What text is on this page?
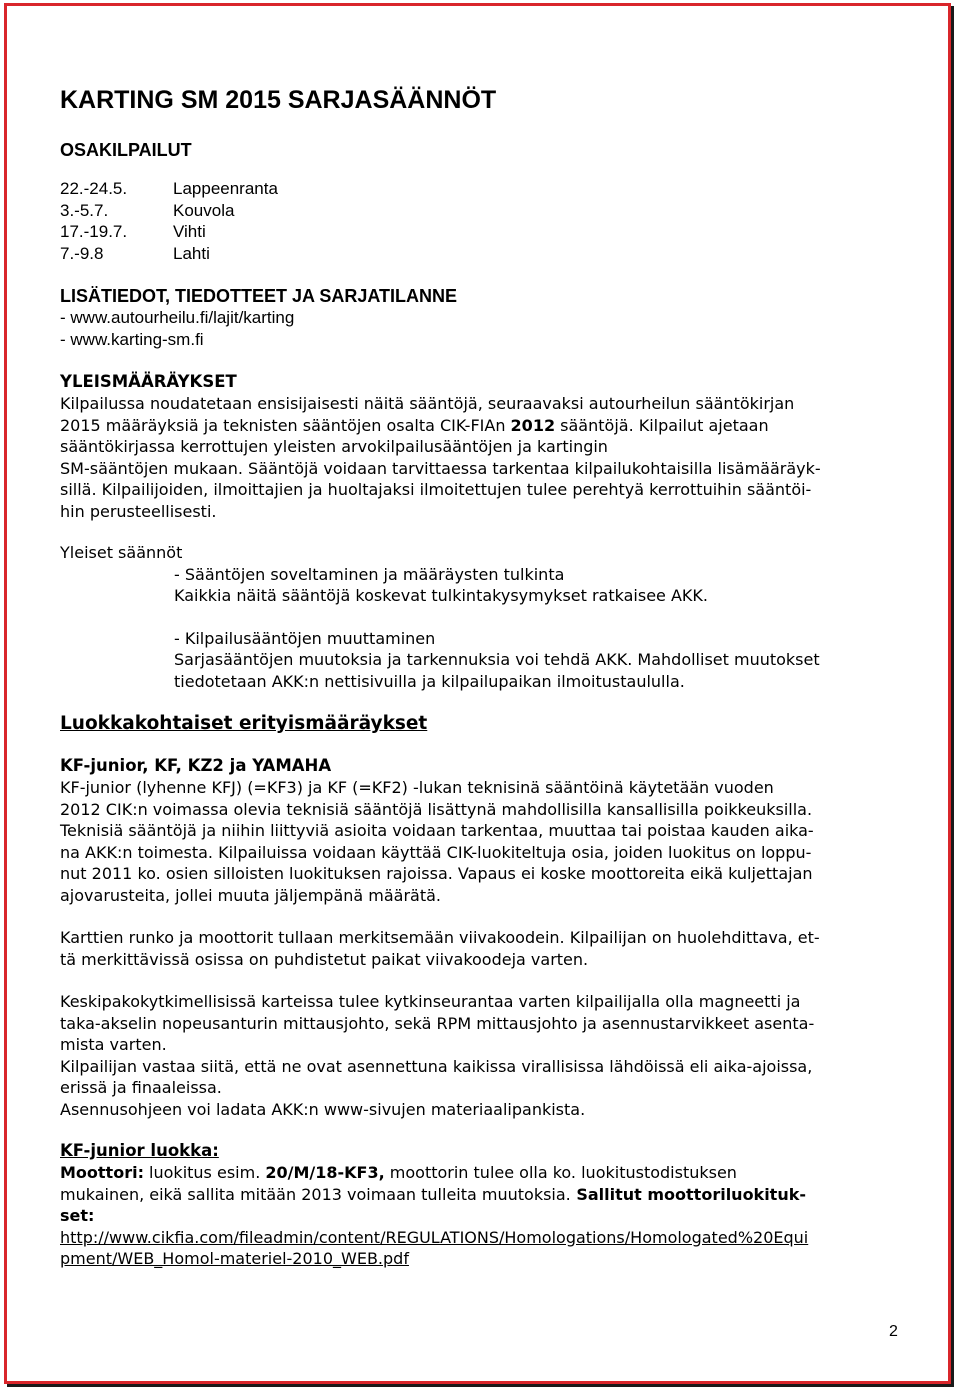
KARTING SM 2015 SARJASÄÄNNÖT
OSAKILPAILUT
22.-24.5.	Lappeenranta
3.-5.7.	Kouvola
17.-19.7.	Vihti
7.-9.8	Lahti
LISÄTIEDOT, TIEDOTTEET JA SARJATILANNE
- www.autourheilu.fi/lajit/karting
- www.karting-sm.fi
YLEISMÄÄRÄYKSET
Kilpailussa noudatetaan ensisijaisesti näitä sääntöjä, seuraavaksi autourheilun sääntökirjan
2015 määräyksiä ja teknisten sääntöjen osalta CIK-FIAn 2012 sääntöjä. Kilpailut ajetaan
sääntökirjassa kerrottujen yleisten arvokilpailusääntöjen ja kartingin
SM-sääntöjen mukaan. Sääntöjä voidaan tarvittaessa tarkentaa kilpailukohtaisilla lisämääräyk-
sillä. Kilpailijoiden, ilmoittajien ja huoltajaksi ilmoitettujen tulee perehtyä kerrottuihin sääntöi-
hin perusteellisesti.
Yleiset säännöt
- Sääntöjen soveltaminen ja määräysten tulkinta
Kaikkia näitä sääntöjä koskevat tulkintakysymykset ratkaisee AKK.
- Kilpailusääntöjen muuttaminen
Sarjasääntöjen muutoksia ja tarkennuksia voi tehdä AKK. Mahdolliset muutokset
tiedotetaan AKK:n nettisivuilla ja kilpailupaikan ilmoitustaululla.
Luokkakohtaiset erityismääräykset
KF-junior, KF, KZ2 ja YAMAHA
KF-junior (lyhenne KFJ) (=KF3) ja KF (=KF2) -lukan teknisinä sääntöinä käytetään vuoden
2012 CIK:n voimassa olevia teknisiä sääntöjä lisättynä mahdollisilla kansallisilla poikkeuksilla.
Teknisiä sääntöjä ja niihin liittyviä asioita voidaan tarkentaa, muuttaa tai poistaa kauden aika-
na AKK:n toimesta. Kilpailuissa voidaan käyttää CIK-luokiteltuja osia, joiden luokitus on loppu-
nut 2011 ko. osien silloisten luokituksen rajoissa. Vapaus ei koske moottoreita eikä kuljettajan
ajovarusteita, jollei muuta jäljempänä määrätä.
Karttien runko ja moottorit tullaan merkitsemään viivakoodein. Kilpailijan on huolehdittava, et-
tä merkittävissä osissa on puhdistetut paikat viivakoodeja varten.
Keskipakokytkimellisissä karteissa tulee kytkinseurantaa varten kilpailijalla olla magneetti ja
taka-akselin nopeusanturin mittausjohto, sekä RPM mittausjohto ja asennustarvikkeet asenta-
mista varten.
Kilpailijan vastaa siitä, että ne ovat asennettuna kaikissa virallisissa lähdöissä eli aika-ajoissa,
erissä ja finaaleissa.
Asennusohjeen voi ladata AKK:n www-sivujen materiaalipankista.
KF-junior luokka:
Moottori: luokitus esim. 20/M/18-KF3, moottorin tulee olla ko. luokitustodistuksen
mukainen, eikä sallita mitään 2013 voimaan tulleita muutoksia. Sallitut moottoriluokituk-
set:
http://www.cikfia.com/fileadmin/content/REGULATIONS/Homologations/Homologated%20Equi
pment/WEB_Homol-materiel-2010_WEB.pdf
2
